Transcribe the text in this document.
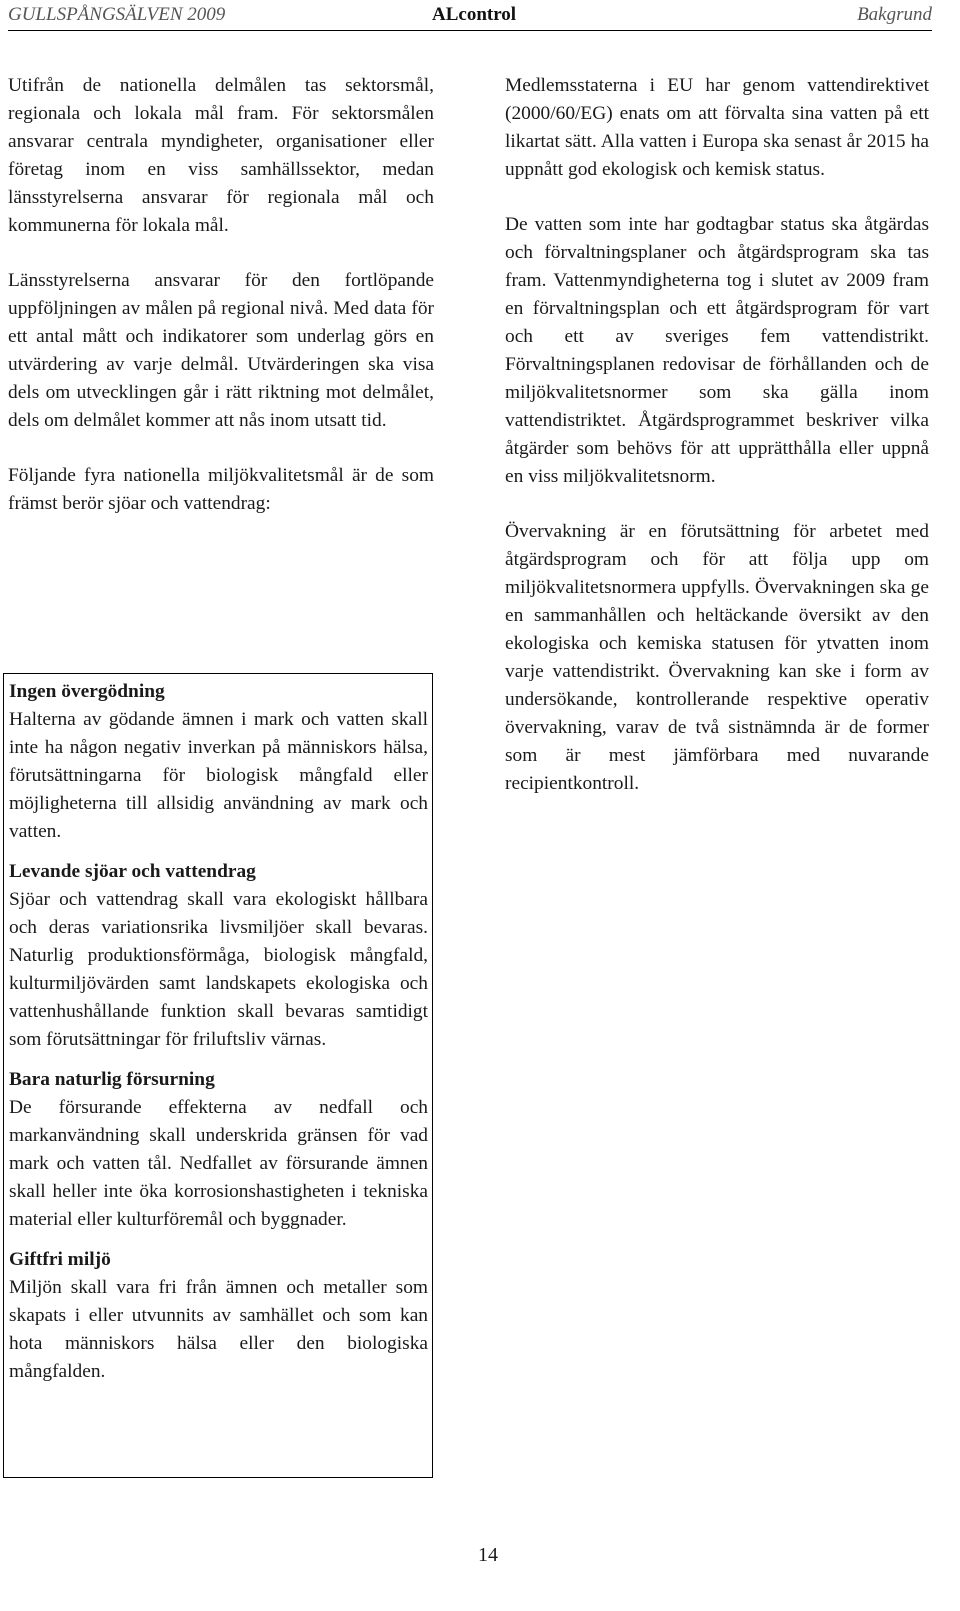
GULLSPÅNGSÄLVEN 2009	ALcontrol	Bakgrund

Utifrån de nationella delmålen tas sektorsmål, regionala och lokala mål fram. För sektorsmålen ansvarar centrala myndigheter, organisationer eller företag inom en viss samhällssektor, medan länsstyrelserna ansvarar för regionala mål och kommunerna för lokala mål.

Länsstyrelserna ansvarar för den fortlöpande uppföljningen av målen på regional nivå. Med data för ett antal mått och indikatorer som underlag görs en utvärdering av varje delmål. Utvärderingen ska visa dels om utvecklingen går i rätt riktning mot delmålet, dels om delmålet kommer att nås inom utsatt tid.

Följande fyra nationella miljökvalitetsmål är de som främst berör sjöar och vattendrag:

Ingen övergödning
Halterna av gödande ämnen i mark och vatten skall inte ha någon negativ inverkan på människors hälsa, förutsättningarna för biologisk mångfald eller möjligheterna till allsidig användning av mark och vatten.
Levande sjöar och vattendrag
Sjöar och vattendrag skall vara ekologiskt hållbara och deras variationsrika livsmiljöer skall bevaras. Naturlig produktionsförmåga, biologisk mångfald, kulturmiljövärden samt landskapets ekologiska och vattenhushållande funktion skall bevaras samtidigt som förutsättningar för friluftsliv värnas.
Bara naturlig försurning
De försurande effekterna av nedfall och markanvändning skall underskrida gränsen för vad mark och vatten tål. Nedfallet av försurande ämnen skall heller inte öka korrosionshastigheten i tekniska material eller kulturföremål och byggnader.
Giftfri miljö
Miljön skall vara fri från ämnen och metaller som skapats i eller utvunnits av samhället och som kan hota människors hälsa eller den biologiska mångfalden.

Medlemsstaterna i EU har genom vattendirektivet (2000/60/EG) enats om att förvalta sina vatten på ett likartat sätt. Alla vatten i Europa ska senast år 2015 ha uppnått god ekologisk och kemisk status.

De vatten som inte har godtagbar status ska åtgärdas och förvaltningsplaner och åtgärdsprogram ska tas fram. Vattenmyndigheterna tog i slutet av 2009 fram en förvaltningsplan och ett åtgärdsprogram för vart och ett av sveriges fem vattendistrikt. Förvaltningsplanen redovisar de förhållanden och de miljökvalitetsnormer som ska gälla inom vattendistriktet. Åtgärdsprogrammet beskriver vilka åtgärder som behövs för att upprätthålla eller uppnå en viss miljökvalitetsnorm.

Övervakning är en förutsättning för arbetet med åtgärdsprogram och för att följa upp om miljökvalitetsnormera uppfylls. Övervakningen ska ge en sammanhållen och heltäckande översikt av den ekologiska och kemiska statusen för ytvatten inom varje vattendistrikt. Övervakning kan ske i form av undersökande, kontrollerande respektive operativ övervakning, varav de två sistnämnda är de former som är mest jämförbara med nuvarande recipientkontroll.

14
